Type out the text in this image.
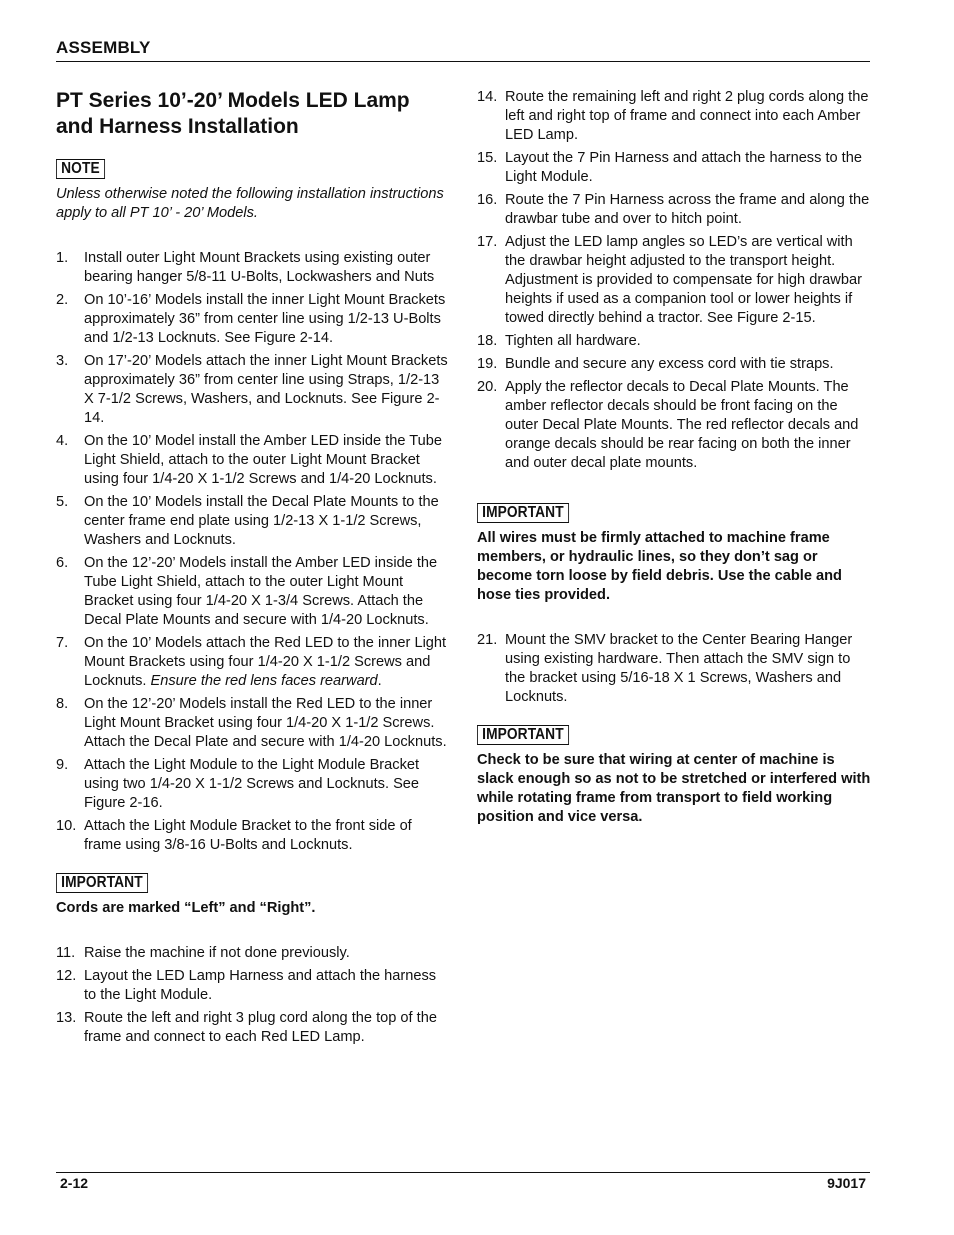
ASSEMBLY
PT Series 10’-20’ Models LED Lamp and Harness Installation
NOTE

Unless otherwise noted the following installation instructions apply to all PT 10’ - 20’ Models.

1. Install outer Light Mount Brackets using existing outer bearing hanger 5/8-11 U-Bolts, Lockwashers and Nuts
2. On 10’-16’ Models install the inner Light Mount Brackets approximately 36” from center line using 1/2-13 U-Bolts and 1/2-13 Locknuts. See Figure 2-14.
3. On 17’-20’ Models attach the inner Light Mount Brackets approximately 36” from center line using Straps, 1/2-13 X 7-1/2 Screws, Washers, and Locknuts. See Figure 2-14.
4. On the 10’ Model install the Amber LED inside the Tube Light Shield, attach to the outer Light Mount Bracket using four 1/4-20 X 1-1/2 Screws and 1/4-20 Locknuts.
5. On the 10’ Models install the Decal Plate Mounts to the center frame end plate using 1/2-13 X 1-1/2 Screws, Washers and Locknuts.
6. On the 12’-20’ Models install the Amber LED inside the Tube Light Shield, attach to the outer Light Mount Bracket using four 1/4-20 X 1-3/4 Screws. Attach the Decal Plate Mounts and secure with 1/4-20 Locknuts.
7. On the 10’ Models attach the Red LED to the inner Light Mount Brackets using four 1/4-20 X 1-1/2 Screws and Locknuts. Ensure the red lens faces rearward.
8. On the 12’-20’ Models install the Red LED to the inner Light Mount Bracket using four 1/4-20 X 1-1/2 Screws. Attach the Decal Plate and secure with 1/4-20 Locknuts.
9. Attach the Light Module to the Light Module Bracket using two 1/4-20 X 1-1/2 Screws and Locknuts. See Figure 2-16.
10. Attach the Light Module Bracket to the front side of frame using 3/8-16 U-Bolts and Locknuts.
IMPORTANT

Cords are marked “Left” and “Right”.

11. Raise the machine if not done previously.
12. Layout the LED Lamp Harness and attach the harness to the Light Module.
13. Route the left and right 3 plug cord along the top of the frame and connect to each Red LED Lamp.
14. Route the remaining left and right 2 plug cords along the left and right top of frame and connect into each Amber LED Lamp.
15. Layout the 7 Pin Harness and attach the harness to the Light Module.
16. Route the 7 Pin Harness across the frame and along the drawbar tube and over to hitch point.
17. Adjust the LED lamp angles so LED’s are vertical with the drawbar height adjusted to the transport height. Adjustment is provided to compensate for high drawbar heights if used as a companion tool or lower heights if towed directly behind a tractor. See Figure 2-15.
18. Tighten all hardware.
19. Bundle and secure any excess cord with tie straps.
20. Apply the reflector decals to Decal Plate Mounts. The amber reflector decals should be front facing on the outer Decal Plate Mounts. The red reflector decals and orange decals should be rear facing on both the inner and outer decal plate mounts.
IMPORTANT

All wires must be firmly attached to machine frame members, or hydraulic lines, so they don’t sag or become torn loose by field debris. Use the cable and hose ties provided.

21. Mount the SMV bracket to the Center Bearing Hanger using existing hardware. Then attach the SMV sign to the bracket using 5/16-18 X 1 Screws, Washers and Locknuts.
IMPORTANT

Check to be sure that wiring at center of machine is slack enough so as not to be stretched or interfered with while rotating frame from transport to field working position and vice versa.

2-12	9J017
